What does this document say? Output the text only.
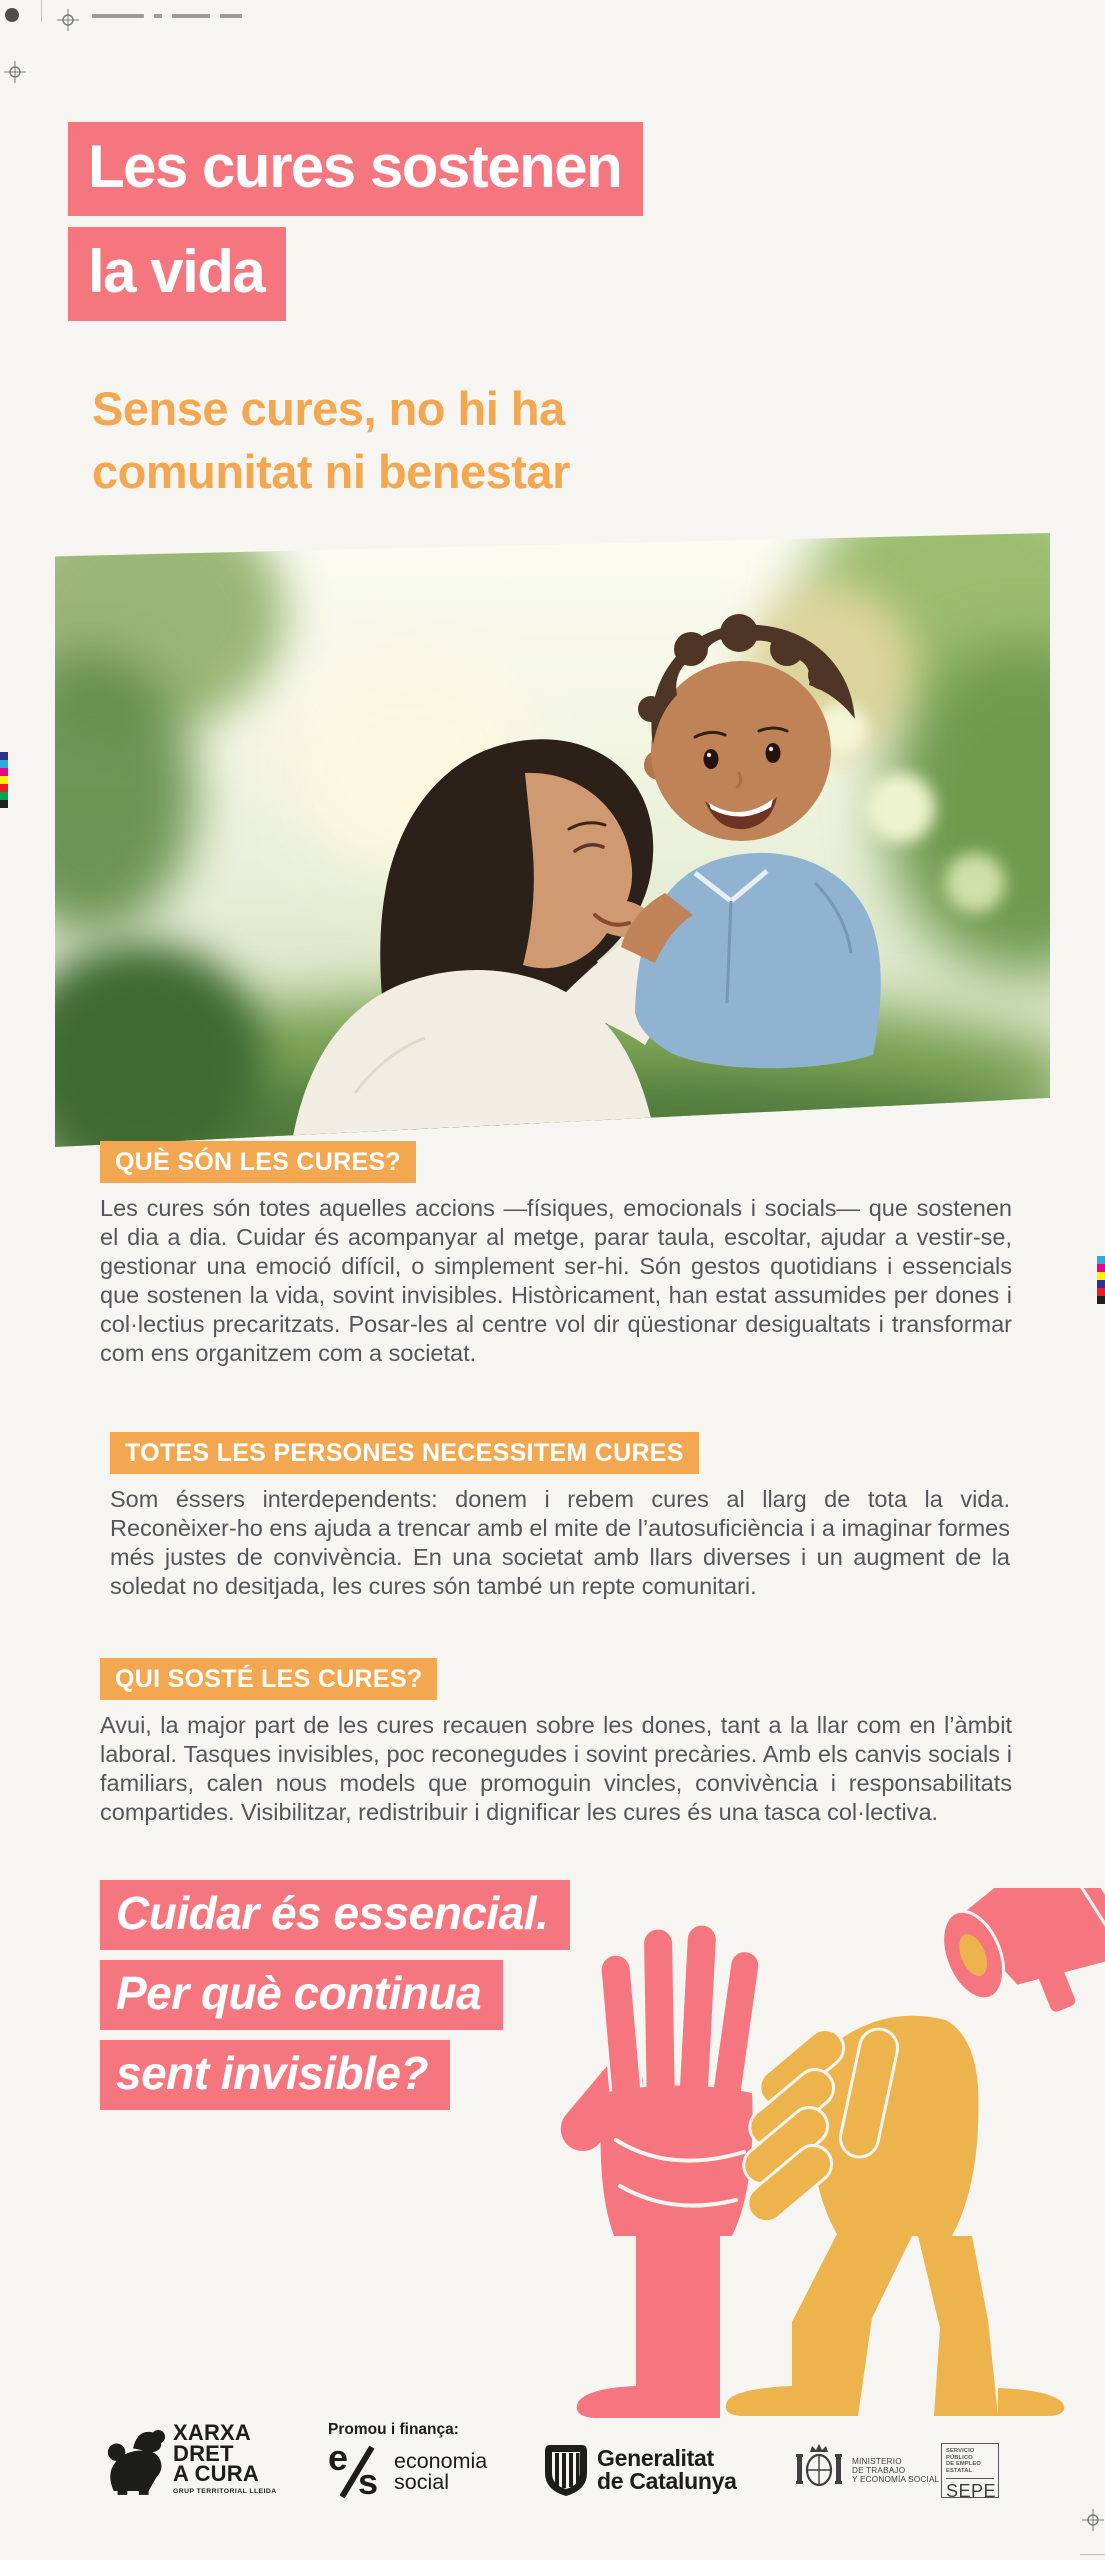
Les cures sostenen
la vida
Sense cures, no hi ha
comunitat ni benestar
QUÈ SÓN LES CURES?

Les cures són totes aquelles accions —físiques, emocionals i socials— que sostenen el dia a dia. Cuidar és acompanyar al metge, parar taula, escoltar, ajudar a vestir-se, gestionar una emoció difícil, o simplement ser-hi. Són gestos quotidians i essencials que sostenen la vida, sovint invisibles. Històricament, han estat assumides per dones i col·lectius precaritzats. Posar-les al centre vol dir qüestionar desigualtats i transformar com ens organitzem com a societat.

TOTES LES PERSONES NECESSITEM CURES

Som éssers interdependents: donem i rebem cures al llarg de tota la vida. Reconèixer-ho ens ajuda a trencar amb el mite de l’autosuficiència i a imaginar formes més justes de convivència. En una societat amb llars diverses i un augment de la soledat no desitjada, les cures són també un repte comunitari.

QUI SOSTÉ LES CURES?

Avui, la major part de les cures recauen sobre les dones, tant a la llar com en l’àmbit laboral. Tasques invisibles, poc reconegudes i sovint precàries. Amb els canvis socials i familiars, calen nous models que promoguin vincles, convivència i responsabilitats compartides. Visibilitzar, redistribuir i dignificar les cures és una tasca col·lectiva.

Cuidar és essencial.
Per què continua
sent invisible?
XARXA
DRET
A CURA
GRUP TERRITORIAL LLEIDA
Promou i finança:
e
s economia
social
Generalitat
de Catalunya
MINISTERIO
DE TRABAJO
Y ECONOMÍA SOCIAL
SERVICIO PÚBLICO
DE EMPLEO ESTATAL
SEPE
